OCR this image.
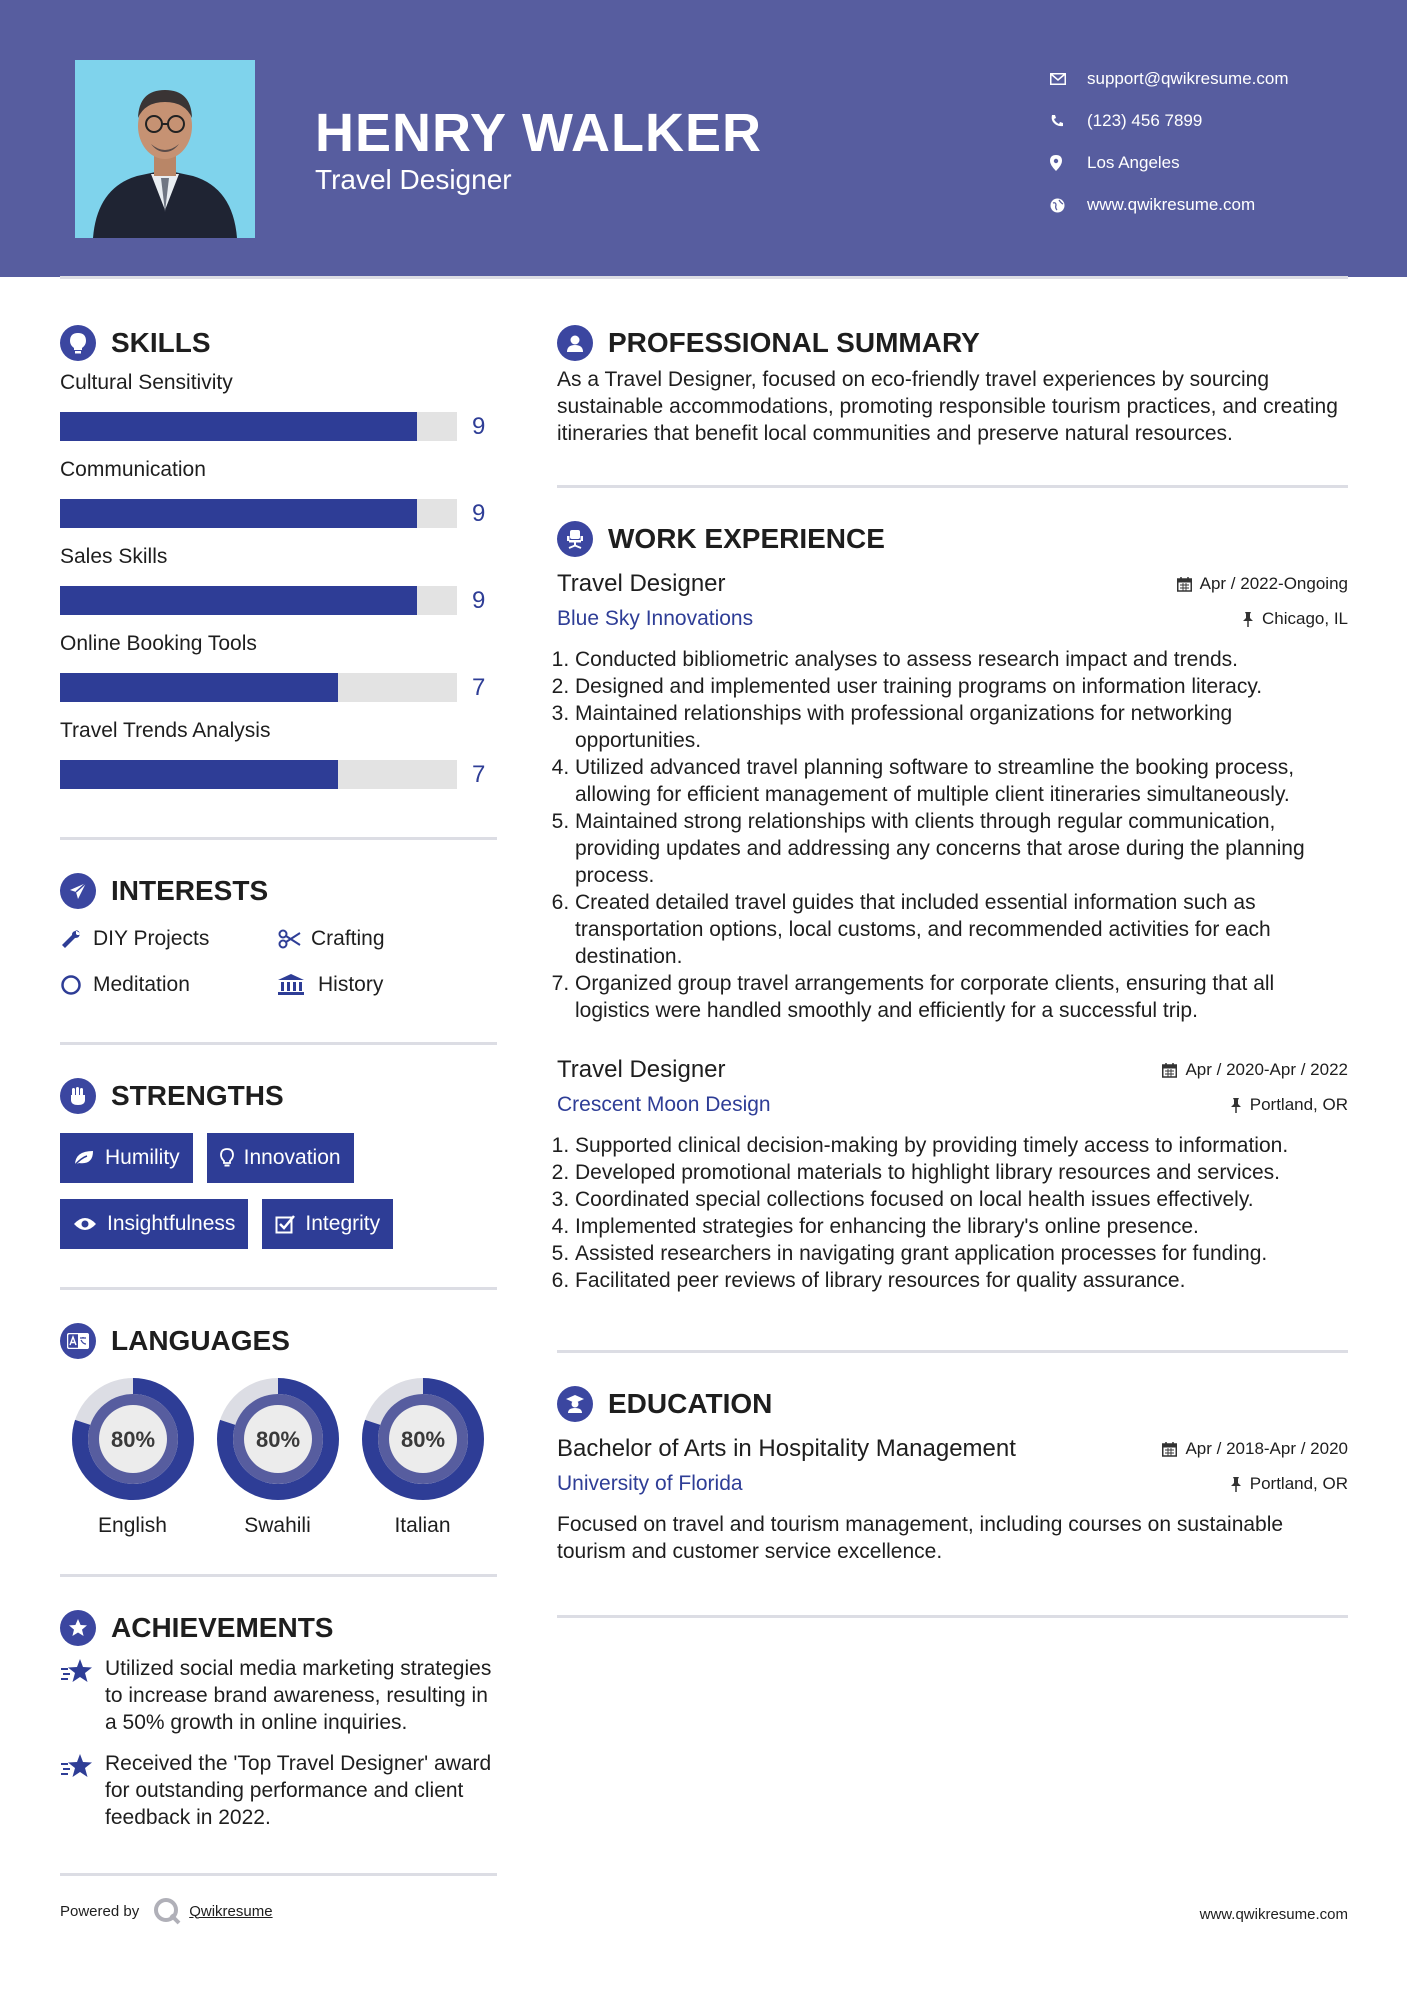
HENRY WALKER
Travel Designer
support@qwikresume.com
(123) 456 7899
Los Angeles
www.qwikresume.com
SKILLS
Cultural Sensitivity
9
Communication
9
Sales Skills
9
Online Booking Tools
7
Travel Trends Analysis
7
INTERESTS
DIY Projects	Crafting
Meditation	History
STRENGTHS
Humility	Innovation
Insightfulness	Integrity
LANGUAGES
80%
English
80%
Swahili
80%
Italian
ACHIEVEMENTS
Utilized social media marketing strategies to increase brand awareness, resulting in a 50% growth in online inquiries.
Received the 'Top Travel Designer' award for outstanding performance and client feedback in 2022.
PROFESSIONAL SUMMARY
As a Travel Designer, focused on eco-friendly travel experiences by sourcing sustainable accommodations, promoting responsible tourism practices, and creating itineraries that benefit local communities and preserve natural resources.
WORK EXPERIENCE
Travel Designer	Apr / 2022-Ongoing
Blue Sky Innovations	Chicago, IL
1. Conducted bibliometric analyses to assess research impact and trends.
2. Designed and implemented user training programs on information literacy.
3. Maintained relationships with professional organizations for networking opportunities.
4. Utilized advanced travel planning software to streamline the booking process, allowing for efficient management of multiple client itineraries simultaneously.
5. Maintained strong relationships with clients through regular communication, providing updates and addressing any concerns that arose during the planning process.
6. Created detailed travel guides that included essential information such as transportation options, local customs, and recommended activities for each destination.
7. Organized group travel arrangements for corporate clients, ensuring that all logistics were handled smoothly and efficiently for a successful trip.
Travel Designer	Apr / 2020-Apr / 2022
Crescent Moon Design	Portland, OR
1. Supported clinical decision-making by providing timely access to information.
2. Developed promotional materials to highlight library resources and services.
3. Coordinated special collections focused on local health issues effectively.
4. Implemented strategies for enhancing the library's online presence.
5. Assisted researchers in navigating grant application processes for funding.
6. Facilitated peer reviews of library resources for quality assurance.
EDUCATION
Bachelor of Arts in Hospitality Management	Apr / 2018-Apr / 2020
University of Florida	Portland, OR
Focused on travel and tourism management, including courses on sustainable tourism and customer service excellence.
Powered by	Qwikresume	www.qwikresume.com
